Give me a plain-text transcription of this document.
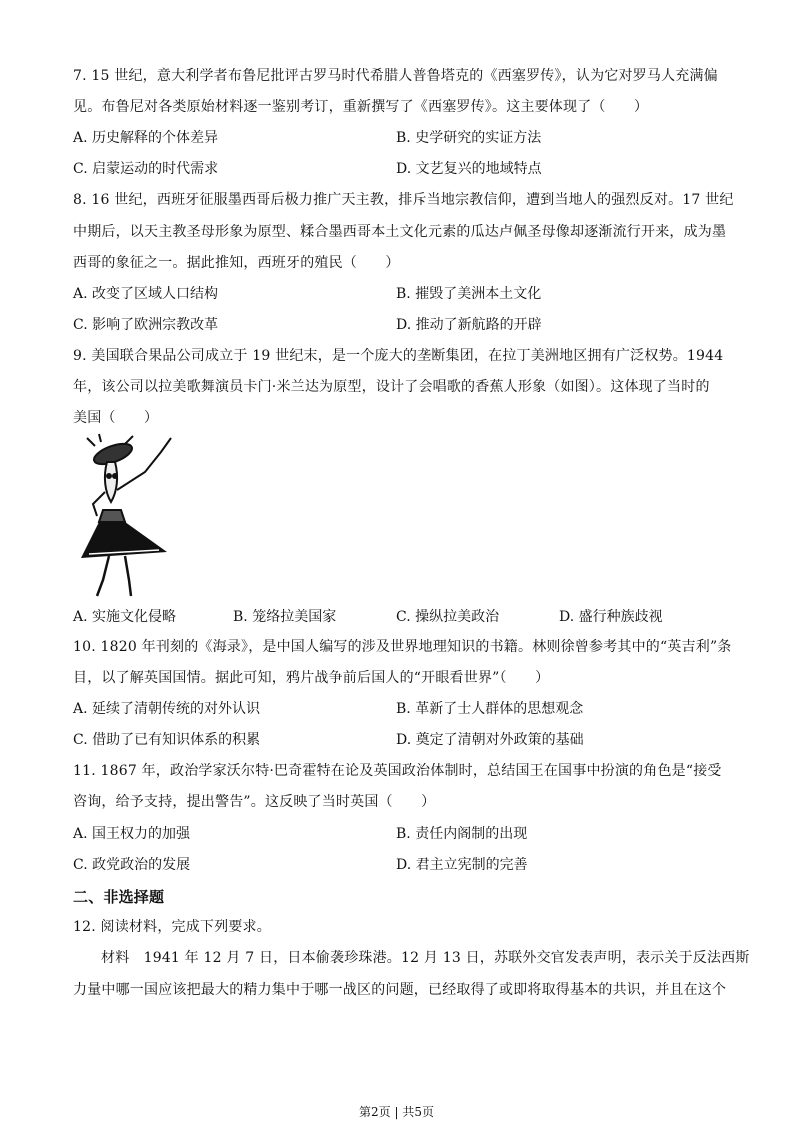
7. 15 世纪，意大利学者布鲁尼批评古罗马时代希腊人普鲁塔克的《西塞罗传》，认为它对罗马人充满偏
见。布鲁尼对各类原始材料逐一鉴别考订，重新撰写了《西塞罗传》。这主要体现了（　　）
A. 历史解释的个体差异	B. 史学研究的实证方法
C. 启蒙运动的时代需求	D. 文艺复兴的地域特点
8. 16 世纪，西班牙征服墨西哥后极力推广天主教，排斥当地宗教信仰，遭到当地人的强烈反对。17 世纪
中期后，以天主教圣母形象为原型、糅合墨西哥本土文化元素的瓜达卢佩圣母像却逐渐流行开来，成为墨
西哥的象征之一。据此推知，西班牙的殖民（　　）
A. 改变了区域人口结构	B. 摧毁了美洲本土文化
C. 影响了欧洲宗教改革	D. 推动了新航路的开辟
9. 美国联合果品公司成立于 19 世纪末，是一个庞大的垄断集团，在拉丁美洲地区拥有广泛权势。1944
年，该公司以拉美歌舞演员卡门·米兰达为原型，设计了会唱歌的香蕉人形象（如图）。这体现了当时的
美国（　　）
A. 实施文化侵略	B. 笼络拉美国家	C. 操纵拉美政治	D. 盛行种族歧视
10. 1820 年刊刻的《海录》，是中国人编写的涉及世界地理知识的书籍。林则徐曾参考其中的“英吉利”条
目，以了解英国国情。据此可知，鸦片战争前后国人的“开眼看世界”（　　）
A. 延续了清朝传统的对外认识	B. 革新了士人群体的思想观念
C. 借助了已有知识体系的积累	D. 奠定了清朝对外政策的基础
11. 1867 年，政治学家沃尔特·巴奇霍特在论及英国政治体制时，总结国王在国事中扮演的角色是“接受
咨询，给予支持，提出警告”。这反映了当时英国（　　）
A. 国王权力的加强	B. 责任内阁制的出现
C. 政党政治的发展	D. 君主立宪制的完善
二、非选择题
12. 阅读材料，完成下列要求。
材料　1941 年 12 月 7 日，日本偷袭珍珠港。12 月 13 日，苏联外交官发表声明，表示关于反法西斯
力量中哪一国应该把最大的精力集中于哪一战区的问题，已经取得了或即将取得基本的共识，并且在这个
第2页 | 共5页
